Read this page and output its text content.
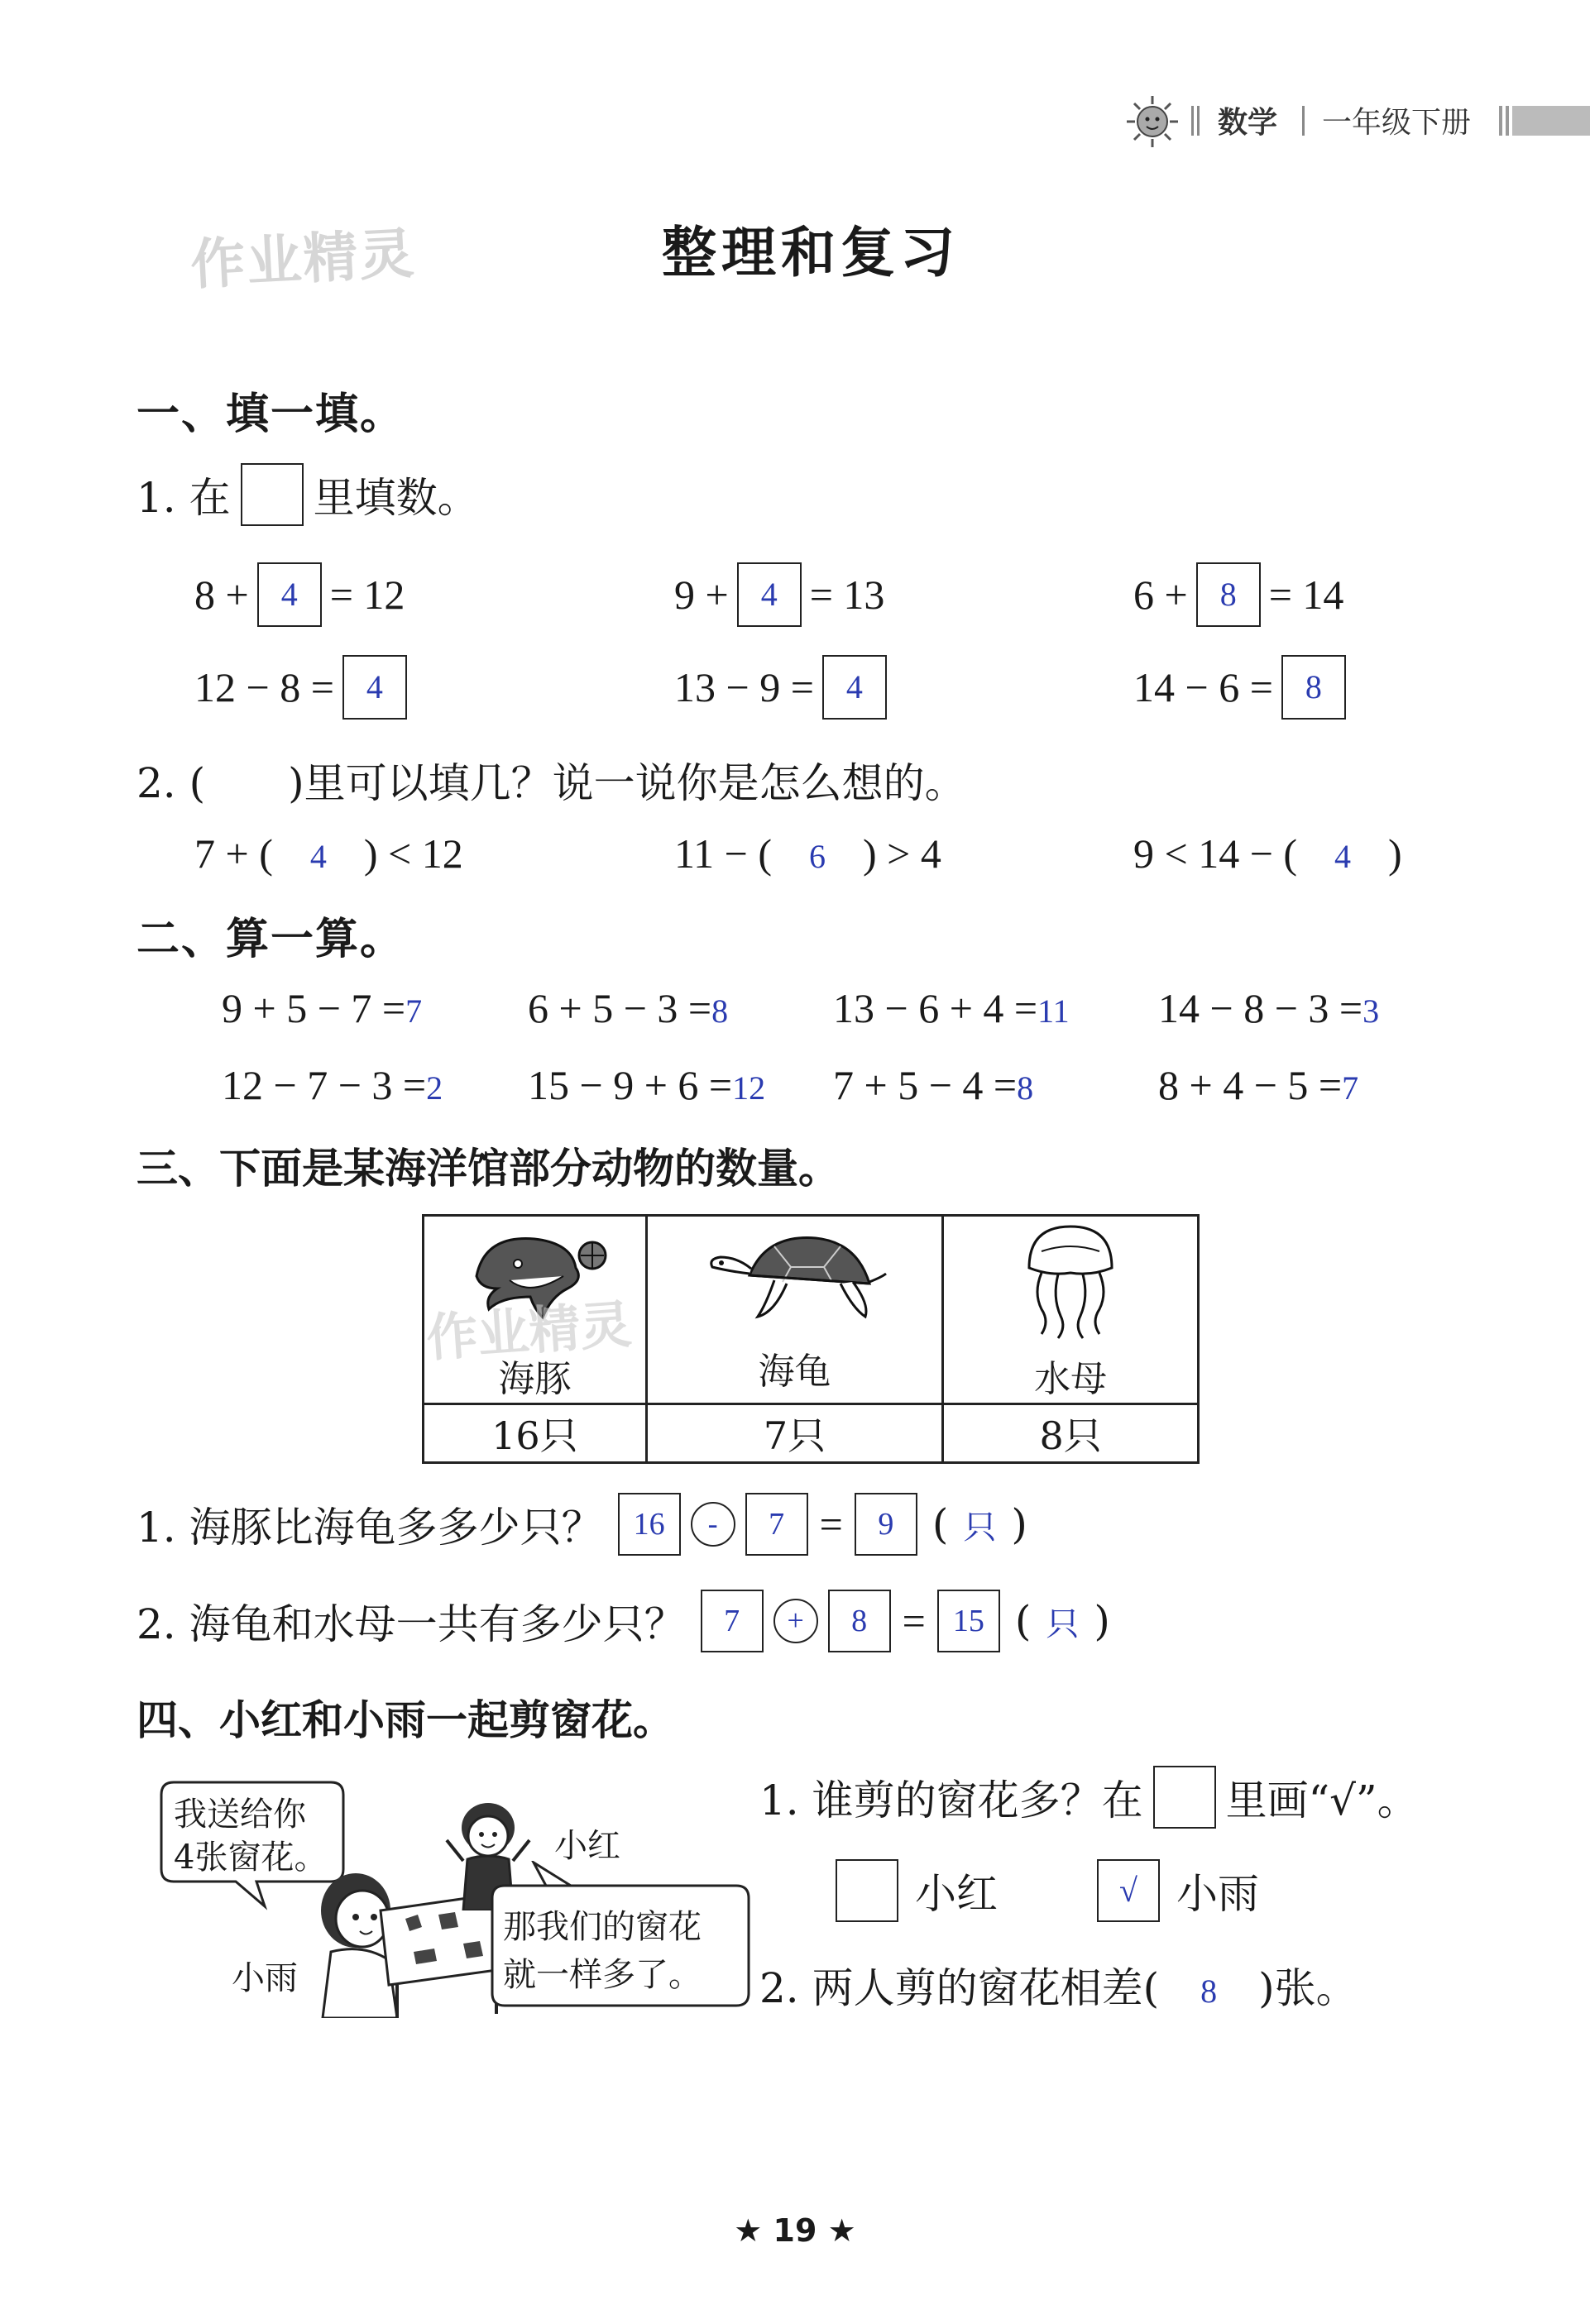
数学 一年级下册
作业精灵	整理和复习
一、填一填。
1. 在 里填数。
8 + 4 = 12	9 + 4 = 13	6 + 8 = 14
12 − 8 = 4	13 − 9 = 4	14 − 6 = 8
2. (　　)里可以填几？说一说你是怎么想的。
7 + ( 4 ) < 12	11 − ( 6 ) > 4	9 < 14 − ( 4 )
二、算一算。
9 + 5 − 7 =7	6 + 5 − 3 =8	13 − 6 + 4 =11 14 − 8 − 3 =3
12 − 7 − 3 =2 15 − 9 + 6 =12 7 + 5 − 4 =8	8 + 4 − 5 =7
三、下面是某海洋馆部分动物的数量。
海豚	海龟	水母

16只	7只	8只
作业精灵
1. 海豚比海龟多多少只？ 16	-	7 =	9 ( 只 )
2. 海龟和水母一共有多少只？	7	+	8 = 15 ( 只 )
四、小红和小雨一起剪窗花。
我送给你
4张窗花。	小红
小雨
那我们的窗花
就一样多了。
1. 谁剪的窗花多？在 里画“√”。
小红	√ 小雨
2. 两人剪的窗花相差( 8 )张。
★ 19 ★
